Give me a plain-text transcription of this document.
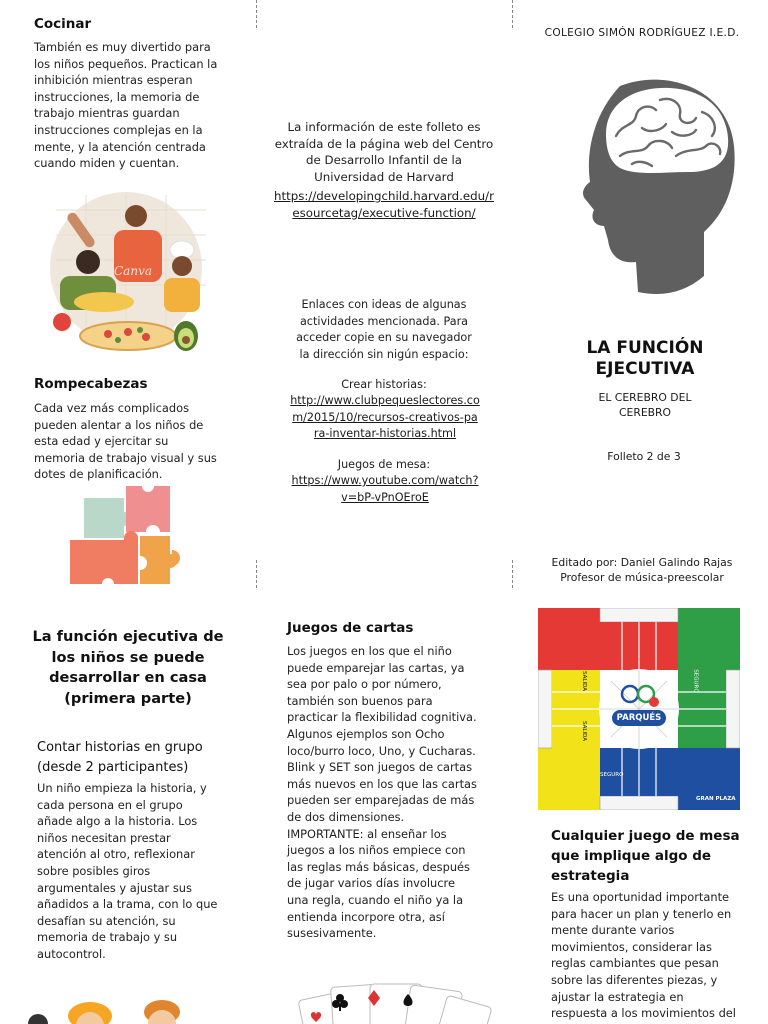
Cocinar
También es muy divertido para los niños pequeños. Practican la inhibición mientras esperan instrucciones, la memoria de trabajo mientras guardan instrucciones complejas en la mente, y la atención centrada cuando miden y cuentan.
Canva
Rompecabezas
Cada vez más complicados pueden alentar a los niños de esta edad y ejercitar su memoria de trabajo visual y sus dotes de planificación.
La información de este folleto es extraída de la página web del Centro de Desarrollo Infantil de la Universidad de Harvard
https://developingchild.harvard.edu/resourcetag/executive-function/
Enlaces con ideas de algunas actividades mencionada. Para acceder copie en su navegador la dirección sin nigún espacio:
Crear historias:
http://www.clubpequeslectores.com/2015/10/recursos-creativos-para-inventar-historias.html
Juegos de mesa:
https://www.youtube.com/watch?v=bP-vPnOEroE
COLEGIO SIMÓN RODRÍGUEZ I.E.D.
LA FUNCIÓN EJECUTIVA
EL CEREBRO DEL CEREBRO
Folleto 2 de 3
Editado por: Daniel Galindo Rajas
Profesor de música-preescolar
La función ejecutiva de los niños se puede desarrollar en casa (primera parte)
Contar historias en grupo (desde 2 participantes)
Un niño empieza la historia, y cada persona en el grupo añade algo a la historia. Los niños necesitan prestar atención al otro, reflexionar sobre posibles giros argumentales y ajustar sus añadidos a la trama, con lo que desafían su atención, su memoria de trabajo y su autocontrol.
Juegos de cartas
Los juegos en los que el niño puede emparejar las cartas, ya sea por palo o por número, también son buenos para practicar la flexibilidad cognitiva. Algunos ejemplos son Ocho loco/burro loco, Uno, y Cucharas. Blink y SET son juegos de cartas más nuevos en los que las cartas pueden ser emparejadas de más de dos dimensiones. IMPORTANTE: al enseñar los juegos a los niños empiece con las reglas más básicas, después de jugar varios días involucre una regla, cuando el niño ya la entienda incorpore otra, así susesivamente.
PARQUÉS
SALIDA
SEGURO
SALIDA
SEGURO
GRAN PLAZA
Cualquier juego de mesa que implique algo de estrategia
Es una oportunidad importante para hacer un plan y tenerlo en mente durante varios movimientos, considerar las reglas cambiantes que pesan sobre las diferentes piezas, y ajustar la estrategia en respuesta a los movimientos del
